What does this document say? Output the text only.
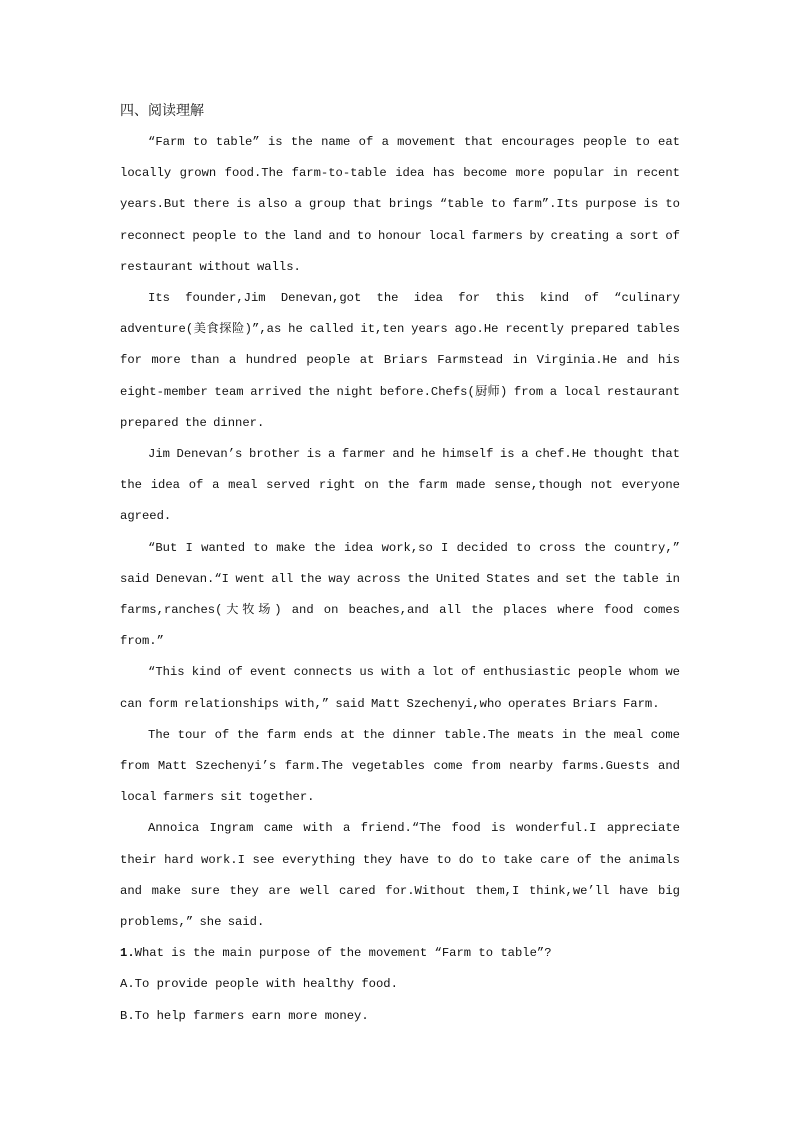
四、阅读理解

“Farm to table” is the name of a movement that encourages people to eat locally grown food.The farm-to-table idea has become more popular in recent years.But there is also a group that brings “table to farm”.Its purpose is to reconnect people to the land and to honour local farmers by creating a sort of restaurant without walls.

Its founder,Jim Denevan,got the idea for this kind of “culinary adventure(美食探险)”,as he called it,ten years ago.He recently prepared tables for more than a hundred people at Briars Farmstead in Virginia.He and his eight-member team arrived the night before.Chefs(厨师) from a local restaurant prepared the dinner.

Jim Denevan’s brother is a farmer and he himself is a chef.He thought that the idea of a meal served right on the farm made sense,though not everyone agreed.

“But I wanted to make the idea work,so I decided to cross the country,” said Denevan.“I went all the way across the United States and set the table in farms,ranches(大牧场) and on beaches,and all the places where food comes from.”

“This kind of event connects us with a lot of enthusiastic people whom we can form relationships with,” said Matt Szechenyi,who operates Briars Farm.

The tour of the farm ends at the dinner table.The meats in the meal come from Matt Szechenyi’s farm.The vegetables come from nearby farms.Guests and local farmers sit together.

Annoica Ingram came with a friend.“The food is wonderful.I appreciate their hard work.I see everything they have to do to take care of the animals and make sure they are well cared for.Without them,I think,we’ll have big problems,” she said.

1.What is the main purpose of the movement “Farm to table”?
A.To provide people with healthy food.
B.To help farmers earn more money.
